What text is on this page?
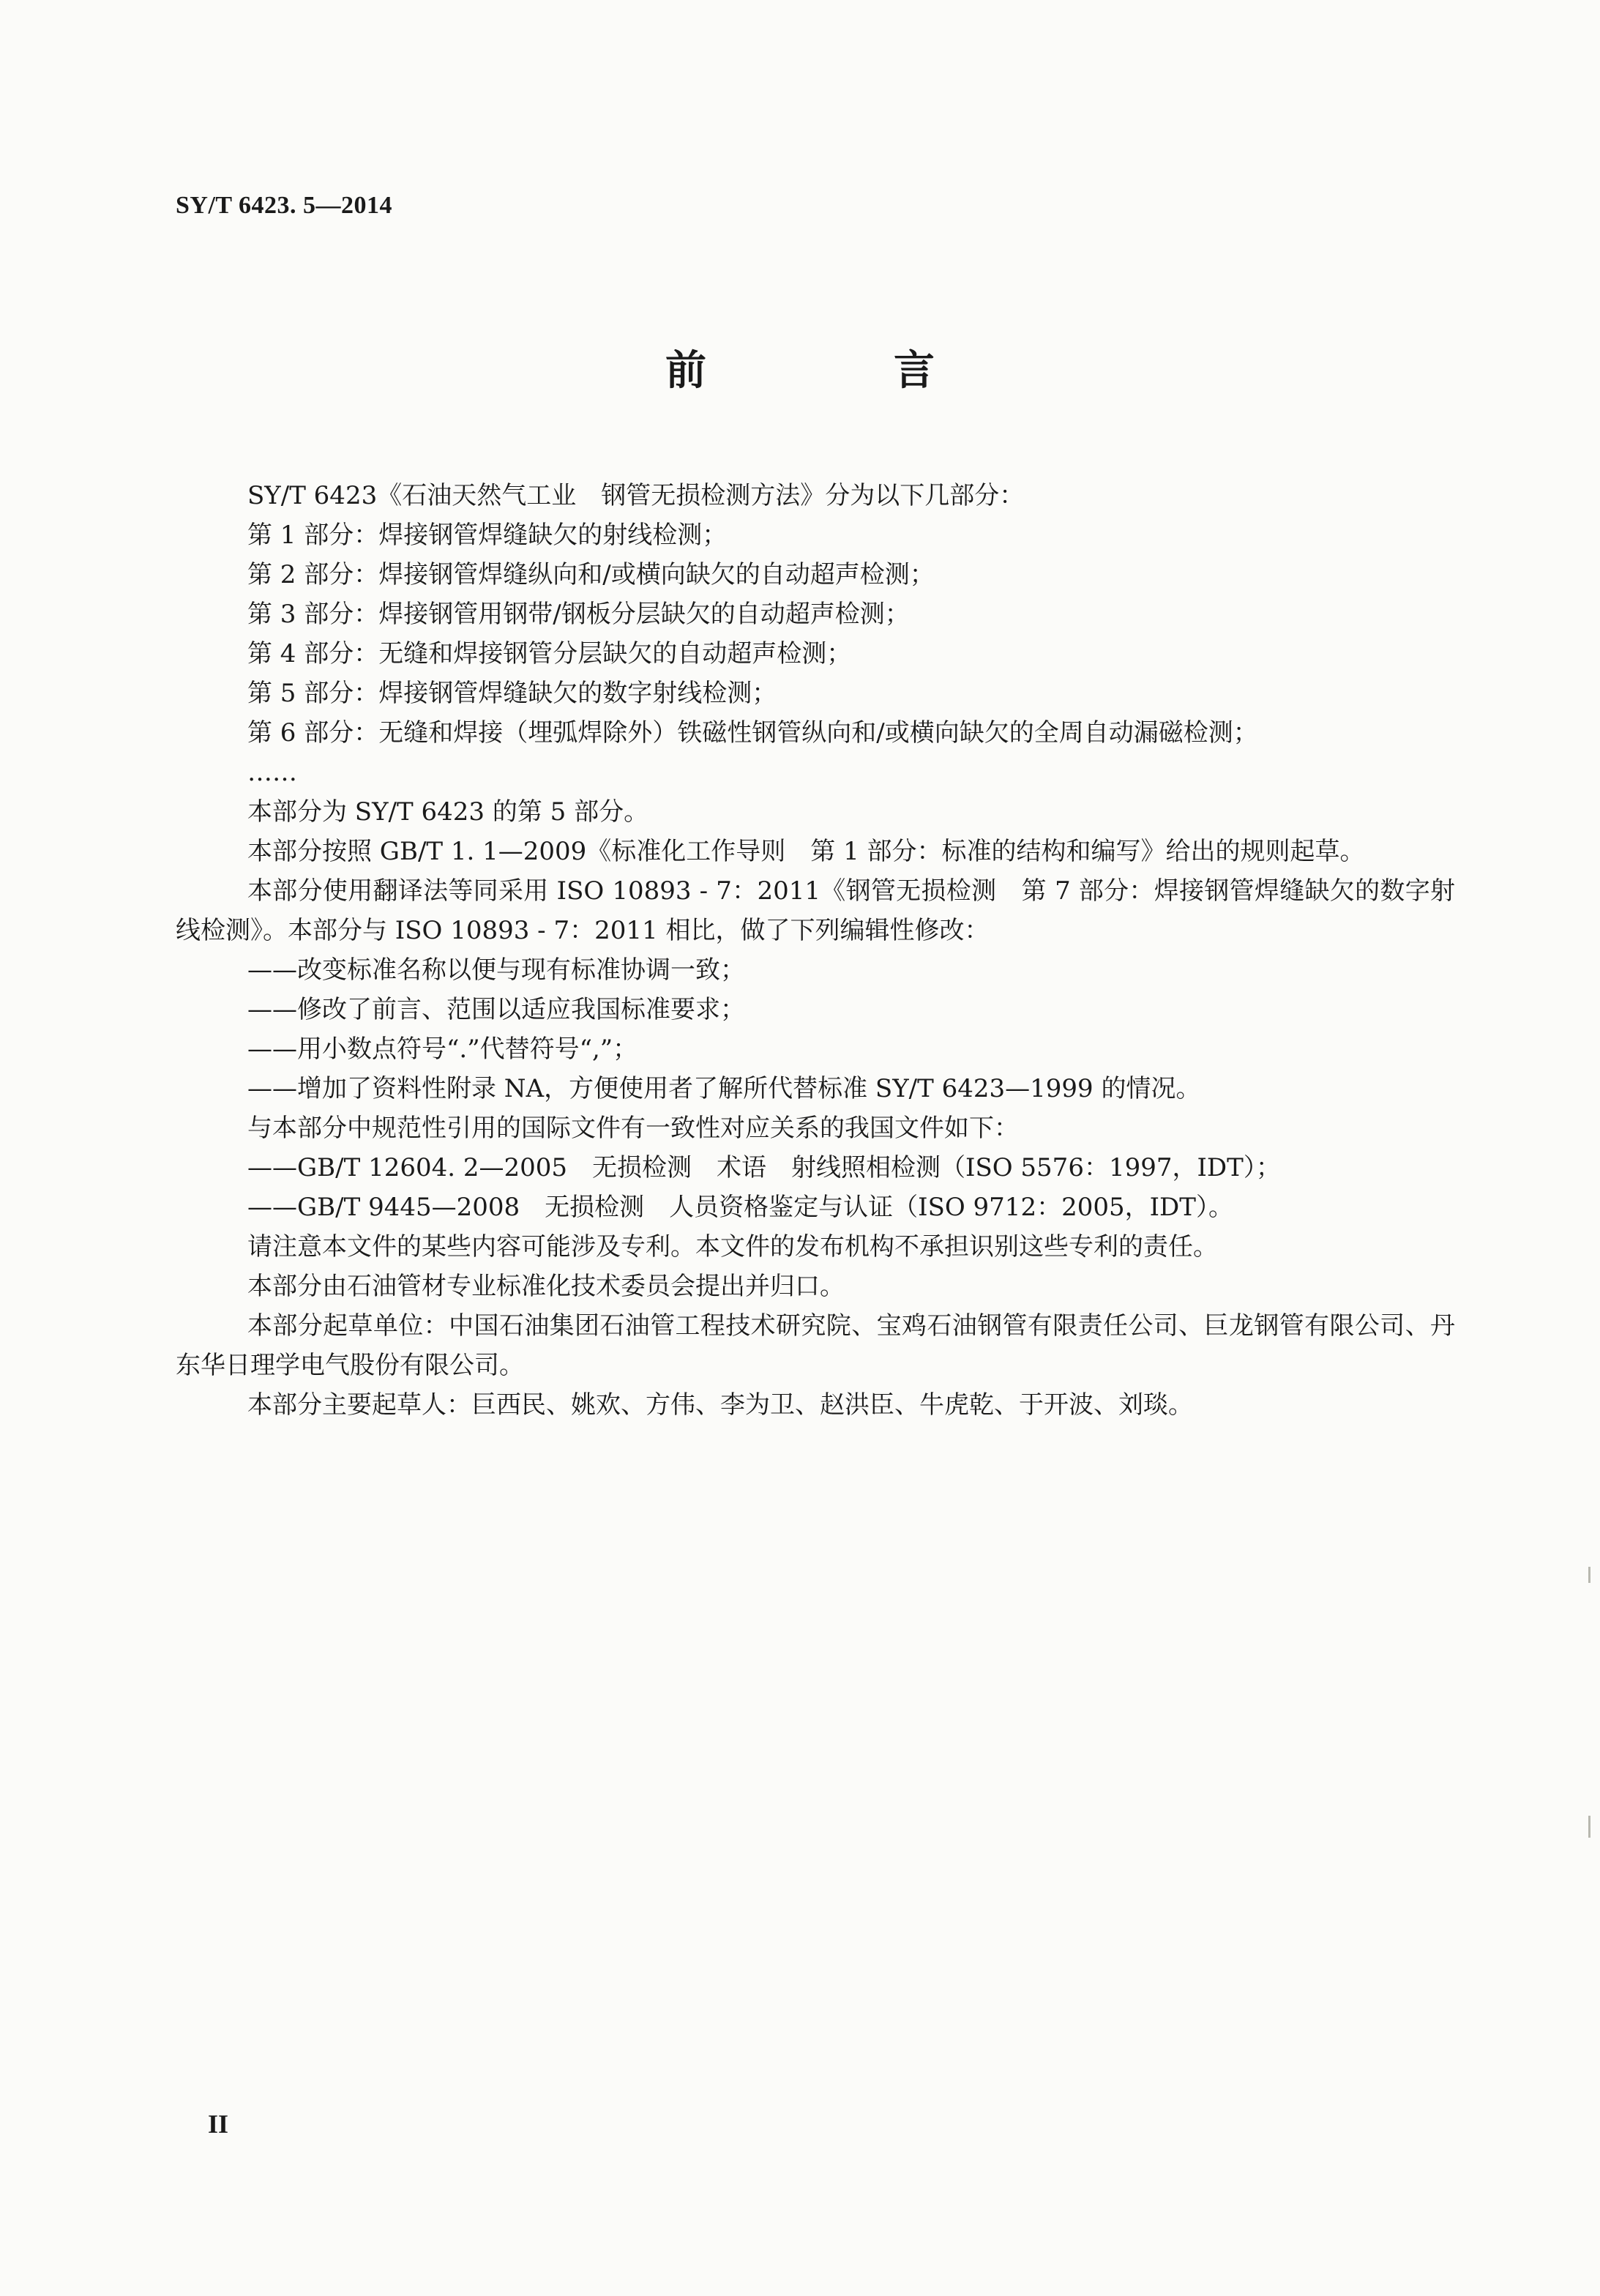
SY/T 6423. 5—2014

前　言

SY/T 6423《石油天然气工业　钢管无损检测方法》分为以下几部分：

第 1 部分：焊接钢管焊缝缺欠的射线检测；

第 2 部分：焊接钢管焊缝纵向和/或横向缺欠的自动超声检测；

第 3 部分：焊接钢管用钢带/钢板分层缺欠的自动超声检测；

第 4 部分：无缝和焊接钢管分层缺欠的自动超声检测；

第 5 部分：焊接钢管焊缝缺欠的数字射线检测；

第 6 部分：无缝和焊接（埋弧焊除外）铁磁性钢管纵向和/或横向缺欠的全周自动漏磁检测；

……

本部分为 SY/T 6423 的第 5 部分。

本部分按照 GB/T 1. 1—2009《标准化工作导则　第 1 部分：标准的结构和编写》给出的规则起草。

本部分使用翻译法等同采用 ISO 10893 - 7：2011《钢管无损检测　第 7 部分：焊接钢管焊缝缺欠的数字射线检测》。本部分与 ISO 10893 - 7：2011 相比，做了下列编辑性修改：

——改变标准名称以便与现有标准协调一致；

——修改了前言、范围以适应我国标准要求；

——用小数点符号“.”代替符号“,”；

——增加了资料性附录 NA，方便使用者了解所代替标准 SY/T 6423—1999 的情况。

与本部分中规范性引用的国际文件有一致性对应关系的我国文件如下：

——GB/T 12604. 2—2005　无损检测　术语　射线照相检测（ISO 5576：1997，IDT）；

——GB/T 9445—2008　无损检测　人员资格鉴定与认证（ISO 9712：2005，IDT）。

请注意本文件的某些内容可能涉及专利。本文件的发布机构不承担识别这些专利的责任。

本部分由石油管材专业标准化技术委员会提出并归口。

本部分起草单位：中国石油集团石油管工程技术研究院、宝鸡石油钢管有限责任公司、巨龙钢管有限公司、丹东华日理学电气股份有限公司。

本部分主要起草人：巨西民、姚欢、方伟、李为卫、赵洪臣、牛虎乾、于开波、刘琰。

II
